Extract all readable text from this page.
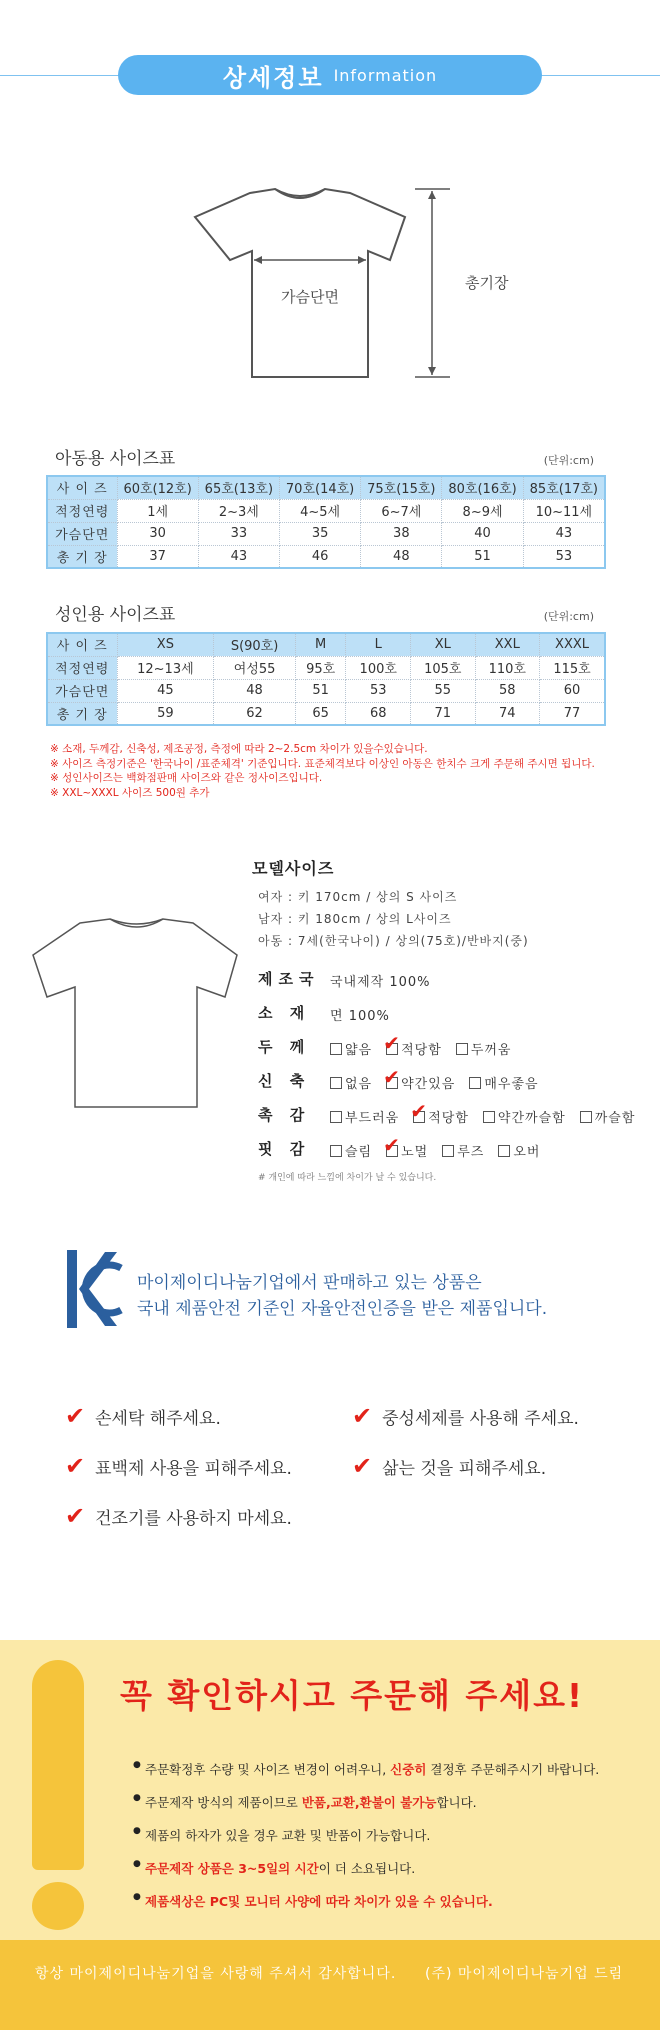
상세정보 Information
가슴단면
총기장
아동용 사이즈표	(단위:cm)
사 이 즈	60호(12호)	65호(13호)	70호(14호)	75호(15호)	80호(16호)	85호(17호)
적정연령	1세	2~3세	4~5세	6~7세	8~9세	10~11세
가슴단면	30	33	35	38	40	43
총 기 장	37	43	46	48	51	53
성인용 사이즈표	(단위:cm)
사 이 즈	XS	S(90호)	M	L	XL	XXL	XXXL
적정연령	12~13세	여성55	95호	100호	105호	110호	115호
가슴단면	45	48	51	53	55	58	60
총 기 장	59	62	65	68	71	74	77
※ 소재, 두께감, 신축성, 제조공정, 측정에 따라 2~2.5cm 차이가 있을수있습니다.
※ 사이즈 측정기준은 '한국나이 /표준체격' 기준입니다. 표준체격보다 이상인 아동은 한치수 크게 주문해 주시면 됩니다.
※ 성인사이즈는 백화점판매 사이즈와 같은 정사이즈입니다.
※ XXL~XXXL 사이즈 500원 추가
모델사이즈
여자 : 키 170cm / 상의 S 사이즈
남자 : 키 180cm / 상의 L사이즈
아동 : 7세(한국나이) / 상의(75호)/반바지(중)
제조국 국내제작 100%
소 재 면 100%
두 께	얇음 ✔ 적당함 두꺼움
신 축	없음 ✔ 약간있음 매우좋음
촉 감	부드러움 ✔ 적당함 약간까슬함 까슬함
핏 감	슬림 ✔ 노멀 루즈 오버
# 개인에 따라 느낌에 차이가 날 수 있습니다.
마이제이디나눔기업에서 판매하고 있는 상품은
국내 제품안전 기준인 자율안전인증을 받은 제품입니다.
✔ 손세탁 해주세요.	✔ 중성세제를 사용해 주세요.
✔ 표백제 사용을 피해주세요.	✔ 삶는 것을 피해주세요.
✔ 건조기를 사용하지 마세요.
꼭 확인하시고 주문해 주세요!
● 주문확정후 수량 및 사이즈 변경이 어려우니, 신중히 결정후 주문해주시기 바랍니다.
● 주문제작 방식의 제품이므로 반품,교환,환불이 불가능합니다.
● 제품의 하자가 있을 경우 교환 및 반품이 가능합니다.
● 주문제작 상품은 3~5일의 시간이 더 소요됩니다.
● 제품색상은 PC및 모니터 사양에 따라 차이가 있을 수 있습니다.
항상 마이제이디나눔기업을 사랑해 주셔서 감사합니다. (주) 마이제이디나눔기업 드림
